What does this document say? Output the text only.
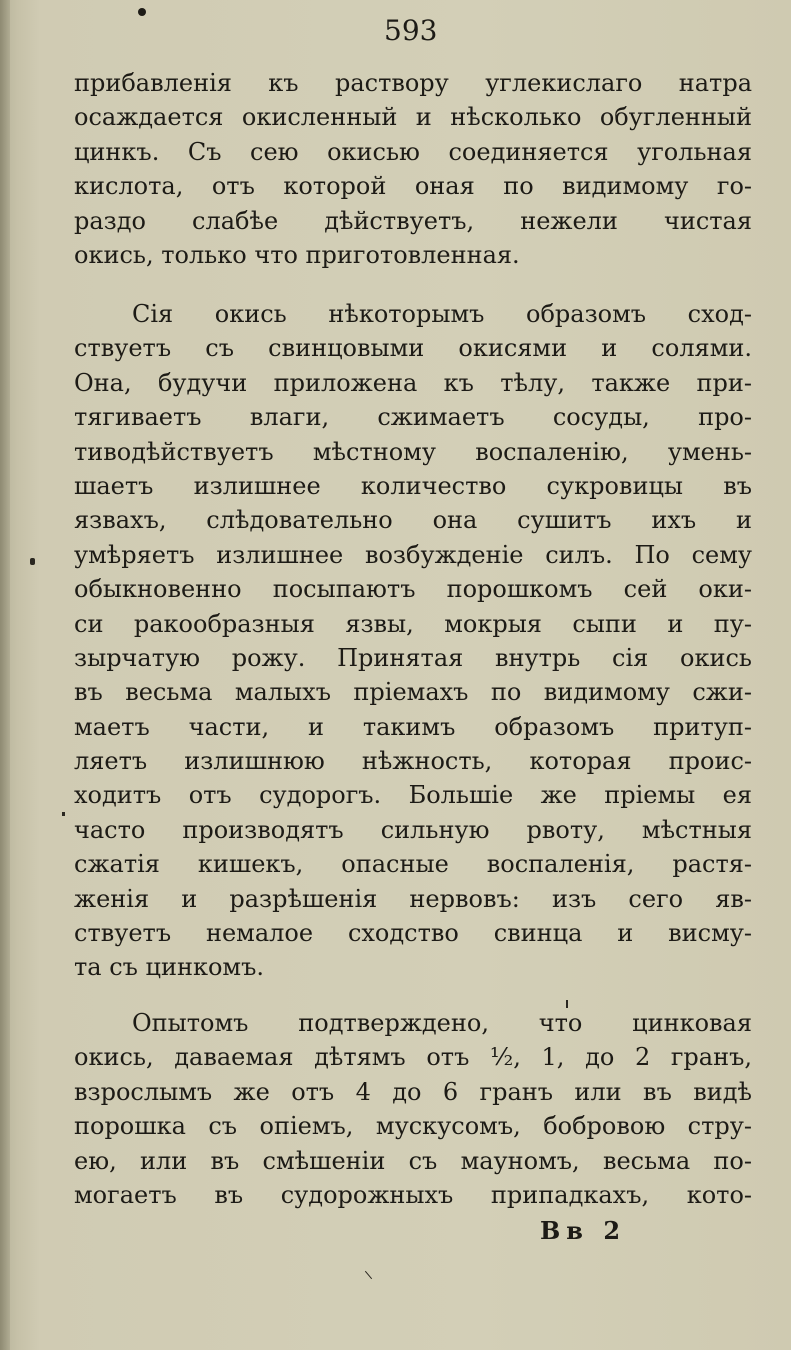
593
прибавленія къ раствору углекислаго натра
осаждается окисленный и нѣсколько обугленный
цинкъ. Съ сею окисью соединяется угольная
кислота, отъ которой оная по видимому го-
раздо слабѣе дѣйствуетъ, нежели чистая
окись, только что приготовленная.
Сія окись нѣкоторымъ образомъ сход-
ствуетъ съ свинцовыми окисями и солями.
Она, будучи приложена къ тѣлу, также при-
тягиваетъ влаги, сжимаетъ сосуды, про-
тиводѣйствуетъ мѣстному воспаленію, умень-
шаетъ излишнее количество сукровицы въ
язвахъ, слѣдовательно она сушитъ ихъ и
умѣряетъ излишнее возбужденіе силъ. По сему
обыкновенно посыпаютъ порошкомъ сей оки-
си ракообразныя язвы, мокрыя сыпи и пу-
зырчатую рожу. Принятая внутрь сія окись
въ весьма малыхъ пріемахъ по видимому сжи-
маетъ части, и такимъ образомъ притуп-
ляетъ излишнюю нѣжность, которая проис-
ходитъ отъ судорогъ. Большіе же пріемы ея
часто производятъ сильную рвоту, мѣстныя
сжатія кишекъ, опасные воспаленія, растя-
женія и разрѣшенія нервовъ: изъ сего яв-
ствуетъ немалое сходство свинца и висму-
та съ цинкомъ.
Опытомъ подтверждено, что цинковая
окись, даваемая дѣтямъ отъ ½, 1, до 2 гранъ,
взрослымъ же отъ 4 до 6 гранъ или въ видѣ
порошка съ опіемъ, мускусомъ, бобровою стру-
ею, или въ смѣшеніи съ мауномъ, весьма по-
могаетъ въ судорожныхъ припадкахъ, кото-
Вв 2
